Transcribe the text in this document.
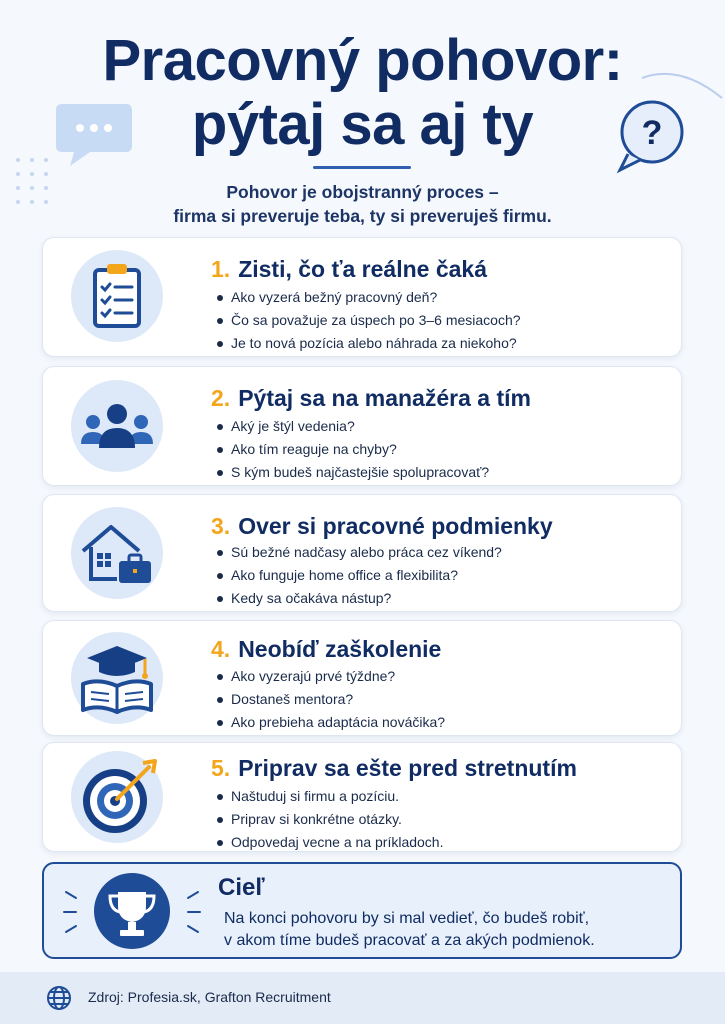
?
Pracovný pohovor:
pýtaj sa aj ty
Pohovor je obojstranný proces –
firma si preveruje teba, ty si preveruješ firmu.
1. Zisti, čo ťa reálne čaká
Ako vyzerá bežný pracovný deň?
Čo sa považuje za úspech po 3–6 mesiacoch?
Je to nová pozícia alebo náhrada za niekoho?
2. Pýtaj sa na manažéra a tím
Aký je štýl vedenia?
Ako tím reaguje na chyby?
S kým budeš najčastejšie spolupracovať?
3. Over si pracovné podmienky
Sú bežné nadčasy alebo práca cez víkend?
Ako funguje home office a flexibilita?
Kedy sa očakáva nástup?
4. Neobíď zaškolenie
Ako vyzerajú prvé týždne?
Dostaneš mentora?
Ako prebieha adaptácia nováčika?
5. Priprav sa ešte pred stretnutím
Naštuduj si firmu a pozíciu.
Priprav si konkrétne otázky.
Odpovedaj vecne a na príkladoch.
Cieľ
Na konci pohovoru by si mal vedieť, čo budeš robiť,
v akom tíme budeš pracovať a za akých podmienok.
Zdroj: Profesia.sk, Grafton Recruitment
